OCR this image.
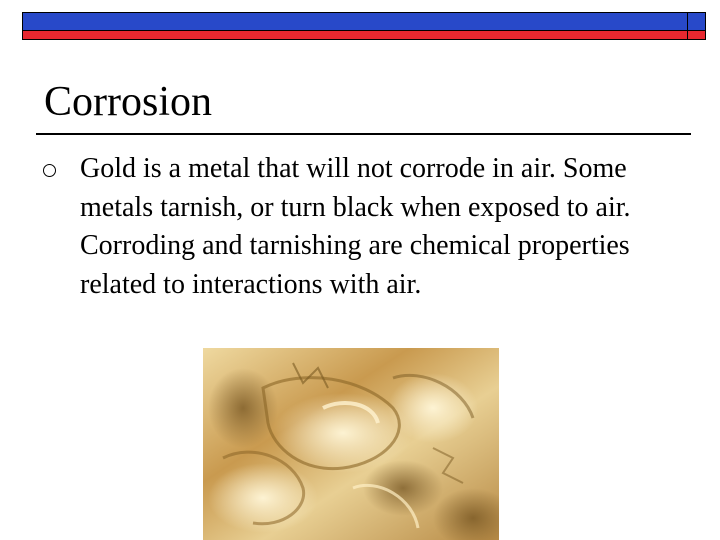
Corrosion
Gold is a metal that will not corrode in air. Some metals tarnish, or turn black when exposed to air. Corroding and tarnishing are chemical properties related to interactions with air.
